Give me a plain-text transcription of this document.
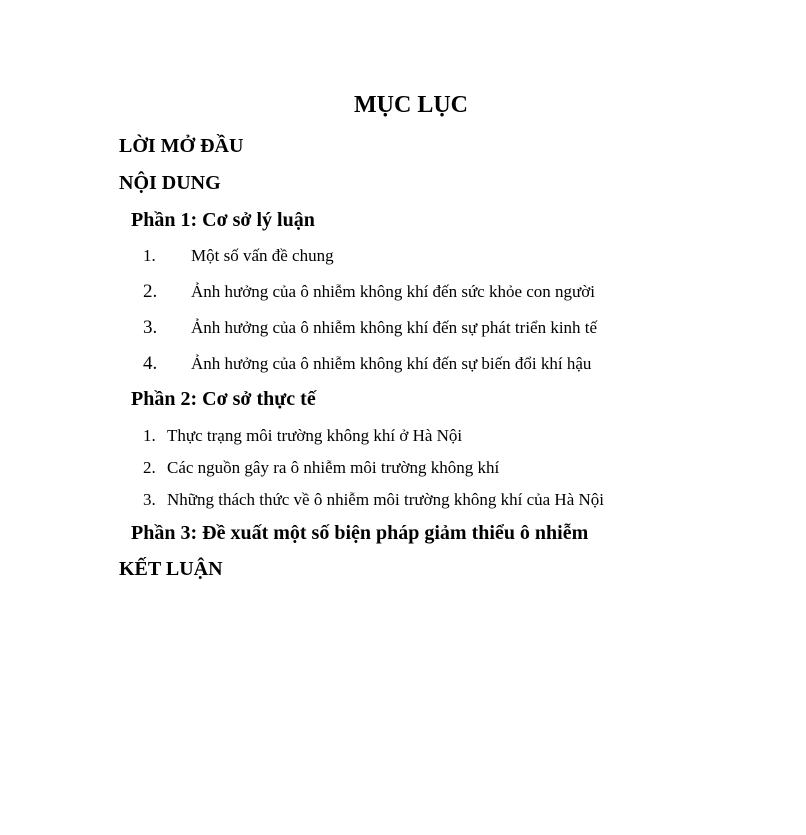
MỤC LỤC
LỜI MỞ ĐẦU
NỘI DUNG
Phần 1: Cơ sở lý luận
1. Một số vấn đề chung
2. Ảnh hưởng của ô nhiễm không khí đến sức khỏe con người
3. Ảnh hưởng của ô nhiễm không khí đến sự phát triển kinh tế
4. Ảnh hưởng của ô nhiễm không khí đến sự biến đổi khí hậu
Phần 2: Cơ sở thực tế
1. Thực trạng môi trường không khí ở Hà Nội
2. Các nguồn gây ra ô nhiễm môi trường không khí
3. Những thách thức về ô nhiễm môi trường không khí của Hà Nội
Phần 3: Đề xuất một số biện pháp giảm thiểu ô nhiễm
KẾT LUẬN
